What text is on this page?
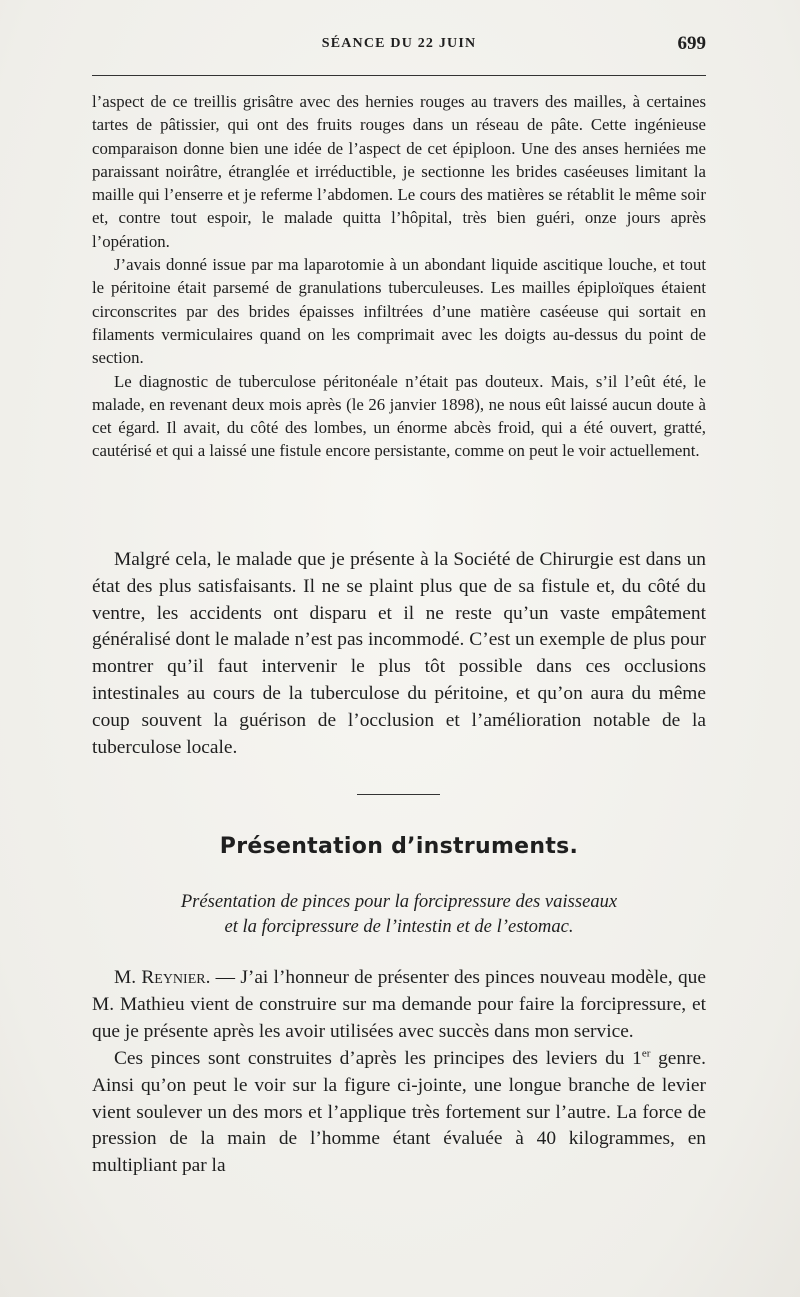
SÉANCE DU 22 JUIN	699

l’aspect de ce treillis grisâtre avec des hernies rouges au travers des mailles, à certaines tartes de pâtissier, qui ont des fruits rouges dans un réseau de pâte. Cette ingénieuse comparaison donne bien une idée de l’aspect de cet épiploon. Une des anses herniées me paraissant noirâtre, étranglée et irréductible, je sectionne les brides caséeuses limitant la maille qui l’enserre et je referme l’abdomen. Le cours des matières se rétablit le même soir et, contre tout espoir, le malade quitta l’hôpital, très bien guéri, onze jours après l’opération.

J’avais donné issue par ma laparotomie à un abondant liquide ascitique louche, et tout le péritoine était parsemé de granulations tuberculeuses. Les mailles épiploïques étaient circonscrites par des brides épaisses infiltrées d’une matière caséeuse qui sortait en filaments vermiculaires quand on les comprimait avec les doigts au-dessus du point de section.

Le diagnostic de tuberculose péritonéale n’était pas douteux. Mais, s’il l’eût été, le malade, en revenant deux mois après (le 26 janvier 1898), ne nous eût laissé aucun doute à cet égard. Il avait, du côté des lombes, un énorme abcès froid, qui a été ouvert, gratté, cautérisé et qui a laissé une fistule encore persistante, comme on peut le voir actuellement.

Malgré cela, le malade que je présente à la Société de Chirurgie est dans un état des plus satisfaisants. Il ne se plaint plus que de sa fistule et, du côté du ventre, les accidents ont disparu et il ne reste qu’un vaste empâtement généralisé dont le malade n’est pas incommodé. C’est un exemple de plus pour montrer qu’il faut intervenir le plus tôt possible dans ces occlusions intestinales au cours de la tuberculose du péritoine, et qu’on aura du même coup souvent la guérison de l’occlusion et l’amélioration notable de la tuberculose locale.

Présentation d’instruments.
Présentation de pinces pour la forcipressure des vaisseaux
et la forcipressure de l’intestin et de l’estomac.

M. Reynier. — J’ai l’honneur de présenter des pinces nouveau modèle, que M. Mathieu vient de construire sur ma demande pour faire la forcipressure, et que je présente après les avoir utilisées avec succès dans mon service.

Ces pinces sont construites d’après les principes des leviers du 1er genre. Ainsi qu’on peut le voir sur la figure ci-jointe, une longue branche de levier vient soulever un des mors et l’applique très fortement sur l’autre. La force de pression de la main de l’homme étant évaluée à 40 kilogrammes, en multipliant par la
